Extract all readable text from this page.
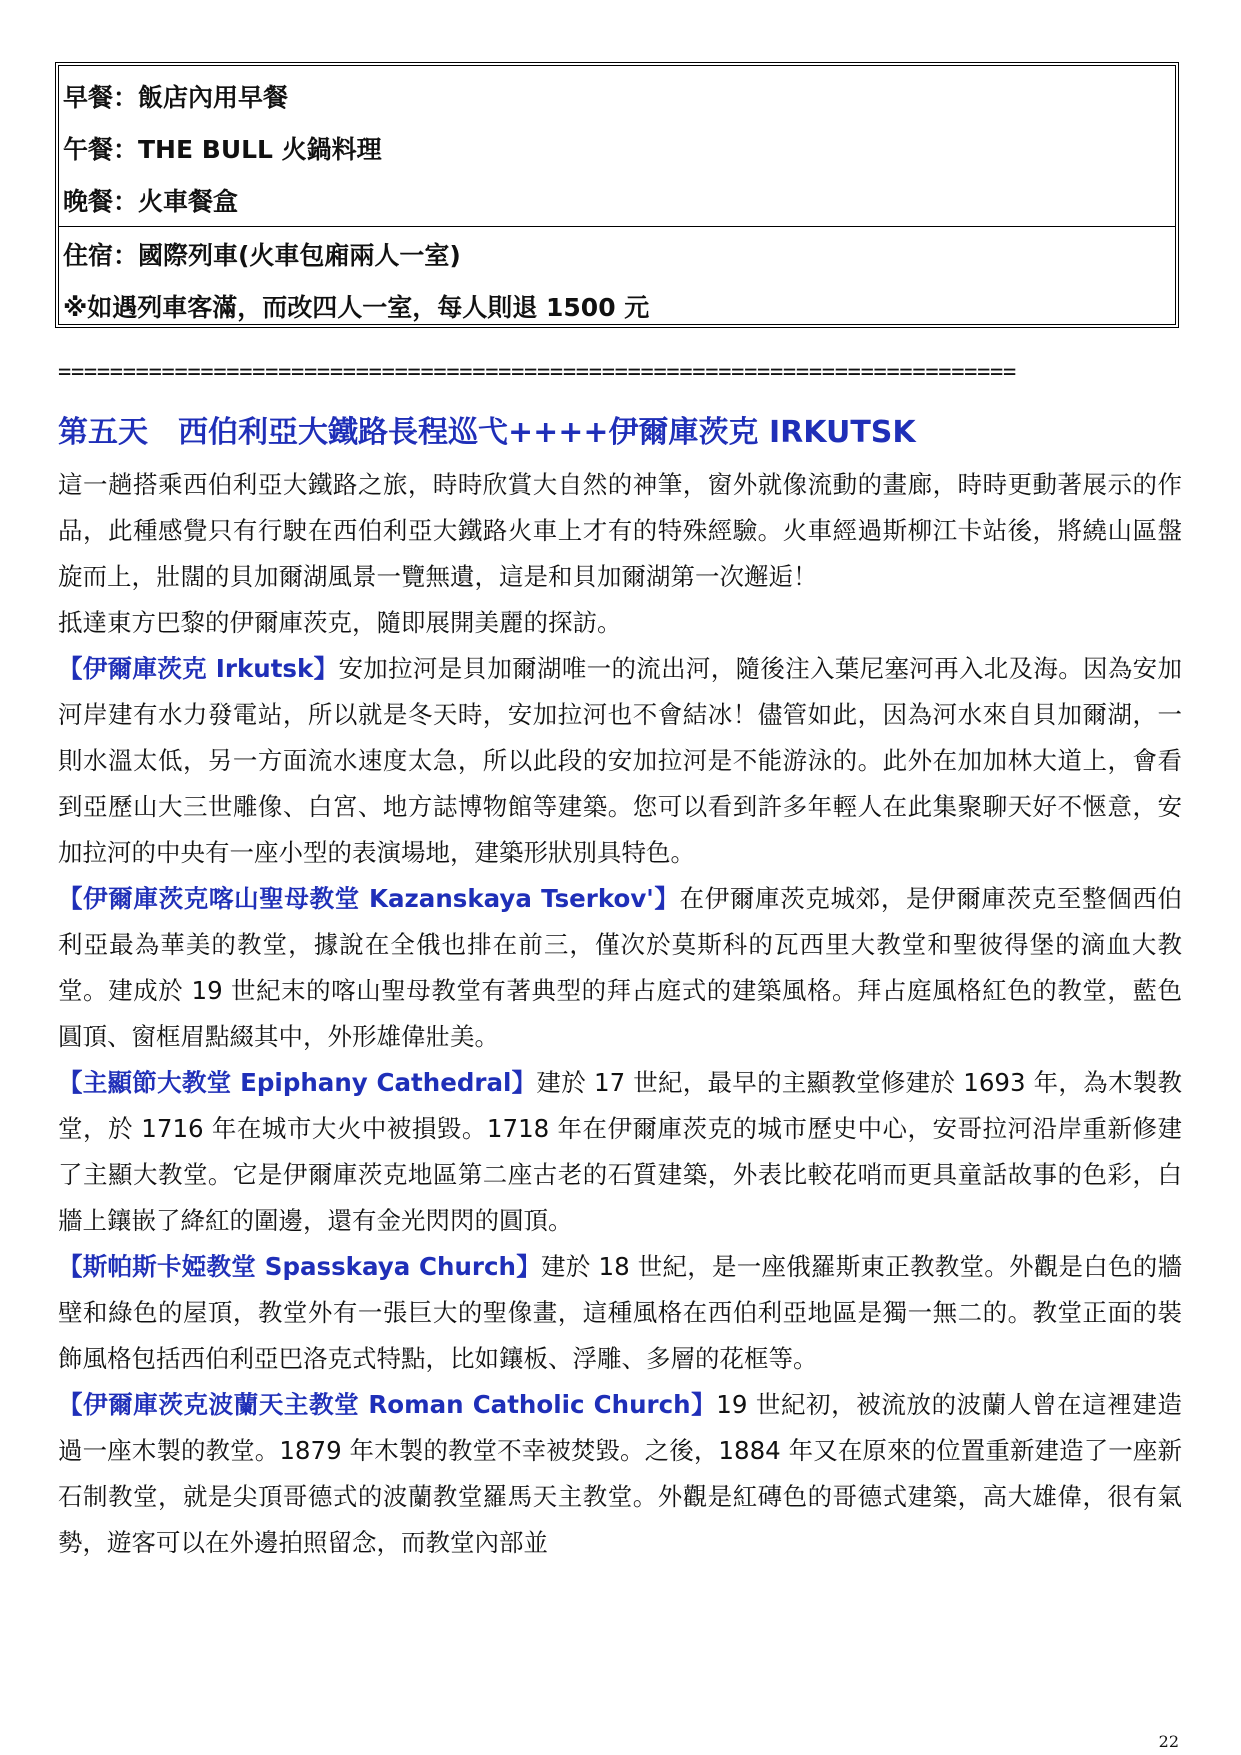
早餐：飯店內用早餐
午餐：THE BULL 火鍋料理
晚餐：火車餐盒
住宿：國際列車(火車包廂兩人一室)
※如遇列車客滿，而改四人一室，每人則退 1500 元
==========================================================================
第五天　西伯利亞大鐵路長程巡弋++++伊爾庫茨克 IRKUTSK

這一趟搭乘西伯利亞大鐵路之旅，時時欣賞大自然的神筆，窗外就像流動的畫廊，時時更動著展示的作品，此種感覺只有行駛在西伯利亞大鐵路火車上才有的特殊經驗。火車經過斯柳江卡站後，將繞山區盤旋而上，壯闊的貝加爾湖風景一覽無遺，這是和貝加爾湖第一次邂逅！

抵達東方巴黎的伊爾庫茨克，隨即展開美麗的探訪。

【伊爾庫茨克 Irkutsk】安加拉河是貝加爾湖唯一的流出河，隨後注入葉尼塞河再入北及海。因為安加河岸建有水力發電站，所以就是冬天時，安加拉河也不會結冰！儘管如此，因為河水來自貝加爾湖，一則水溫太低，另一方面流水速度太急，所以此段的安加拉河是不能游泳的。此外在加加林大道上，會看到亞歷山大三世雕像、白宮、地方誌博物館等建築。您可以看到許多年輕人在此集聚聊天好不愜意，安加拉河的中央有一座小型的表演場地，建築形狀別具特色。

【伊爾庫茨克喀山聖母教堂 Kazanskaya Tserkov'】在伊爾庫茨克城郊，是伊爾庫茨克至整個西伯利亞最為華美的教堂，據說在全俄也排在前三，僅次於莫斯科的瓦西里大教堂和聖彼得堡的滴血大教堂。建成於 19 世紀末的喀山聖母教堂有著典型的拜占庭式的建築風格。拜占庭風格紅色的教堂，藍色圓頂、窗框眉點綴其中，外形雄偉壯美。

【主顯節大教堂 Epiphany Cathedral】建於 17 世紀，最早的主顯教堂修建於 1693 年，為木製教堂，於 1716 年在城市大火中被損毀。1718 年在伊爾庫茨克的城市歷史中心，安哥拉河沿岸重新修建了主顯大教堂。它是伊爾庫茨克地區第二座古老的石質建築，外表比較花哨而更具童話故事的色彩，白牆上鑲嵌了絳紅的圍邊，還有金光閃閃的圓頂。

【斯帕斯卡婭教堂 Spasskaya Church】建於 18 世紀，是一座俄羅斯東正教教堂。外觀是白色的牆壁和綠色的屋頂，教堂外有一張巨大的聖像畫，這種風格在西伯利亞地區是獨一無二的。教堂正面的裝飾風格包括西伯利亞巴洛克式特點，比如鑲板、浮雕、多層的花框等。

【伊爾庫茨克波蘭天主教堂 Roman Catholic Church】19 世紀初，被流放的波蘭人曾在這裡建造過一座木製的教堂。1879 年木製的教堂不幸被焚毀。之後，1884 年又在原來的位置重新建造了一座新石制教堂，就是尖頂哥德式的波蘭教堂羅馬天主教堂。外觀是紅磚色的哥德式建築，高大雄偉，很有氣勢，遊客可以在外邊拍照留念，而教堂內部並

22
